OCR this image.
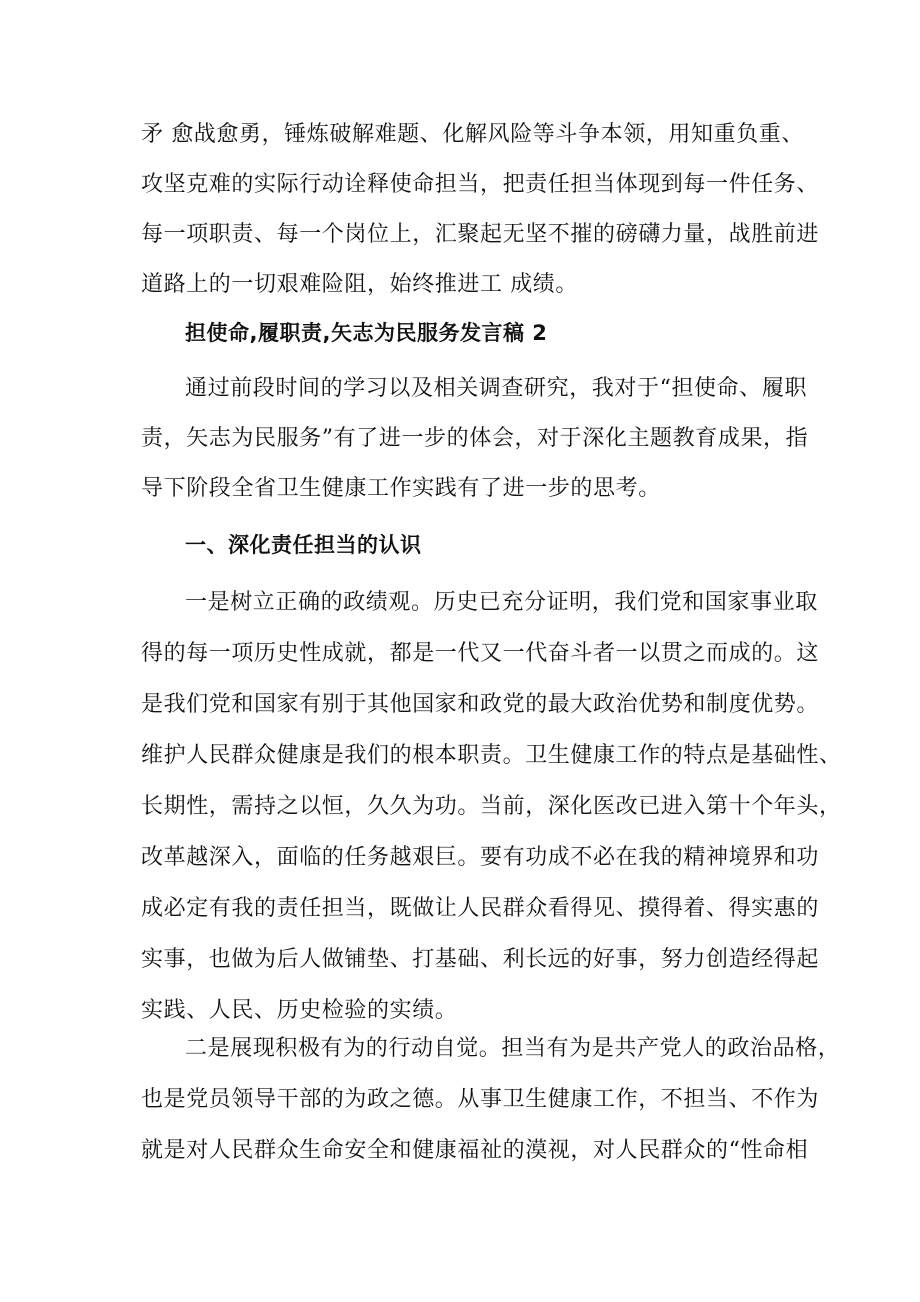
矛 愈战愈勇，锤炼破解难题、化解风险等斗争本领，用知重负重、
攻坚克难的实际行动诠释使命担当，把责任担当体现到每一件任务、
每一项职责、每一个岗位上，汇聚起无坚不摧的磅礴力量，战胜前进
道路上的一切艰难险阻，始终推进工 成绩。
担使命,履职责,矢志为民服务发言稿 2
通过前段时间的学习以及相关调查研究，我对于“担使命、履职
责，矢志为民服务”有了进一步的体会，对于深化主题教育成果，指
导下阶段全省卫生健康工作实践有了进一步的思考。
一、深化责任担当的认识
一是树立正确的政绩观。历史已充分证明，我们党和国家事业取
得的每一项历史性成就，都是一代又一代奋斗者一以贯之而成的。这
是我们党和国家有别于其他国家和政党的最大政治优势和制度优势。
维护人民群众健康是我们的根本职责。卫生健康工作的特点是基础性、
长期性，需持之以恒，久久为功。当前，深化医改已进入第十个年头，
改革越深入，面临的任务越艰巨。要有功成不必在我的精神境界和功
成必定有我的责任担当，既做让人民群众看得见、摸得着、得实惠的
实事，也做为后人做铺垫、打基础、利长远的好事，努力创造经得起
实践、人民、历史检验的实绩。
二是展现积极有为的行动自觉。担当有为是共产党人的政治品格，
也是党员领导干部的为政之德。从事卫生健康工作，不担当、不作为
就是对人民群众生命安全和健康福祉的漠视，对人民群众的“性命相
